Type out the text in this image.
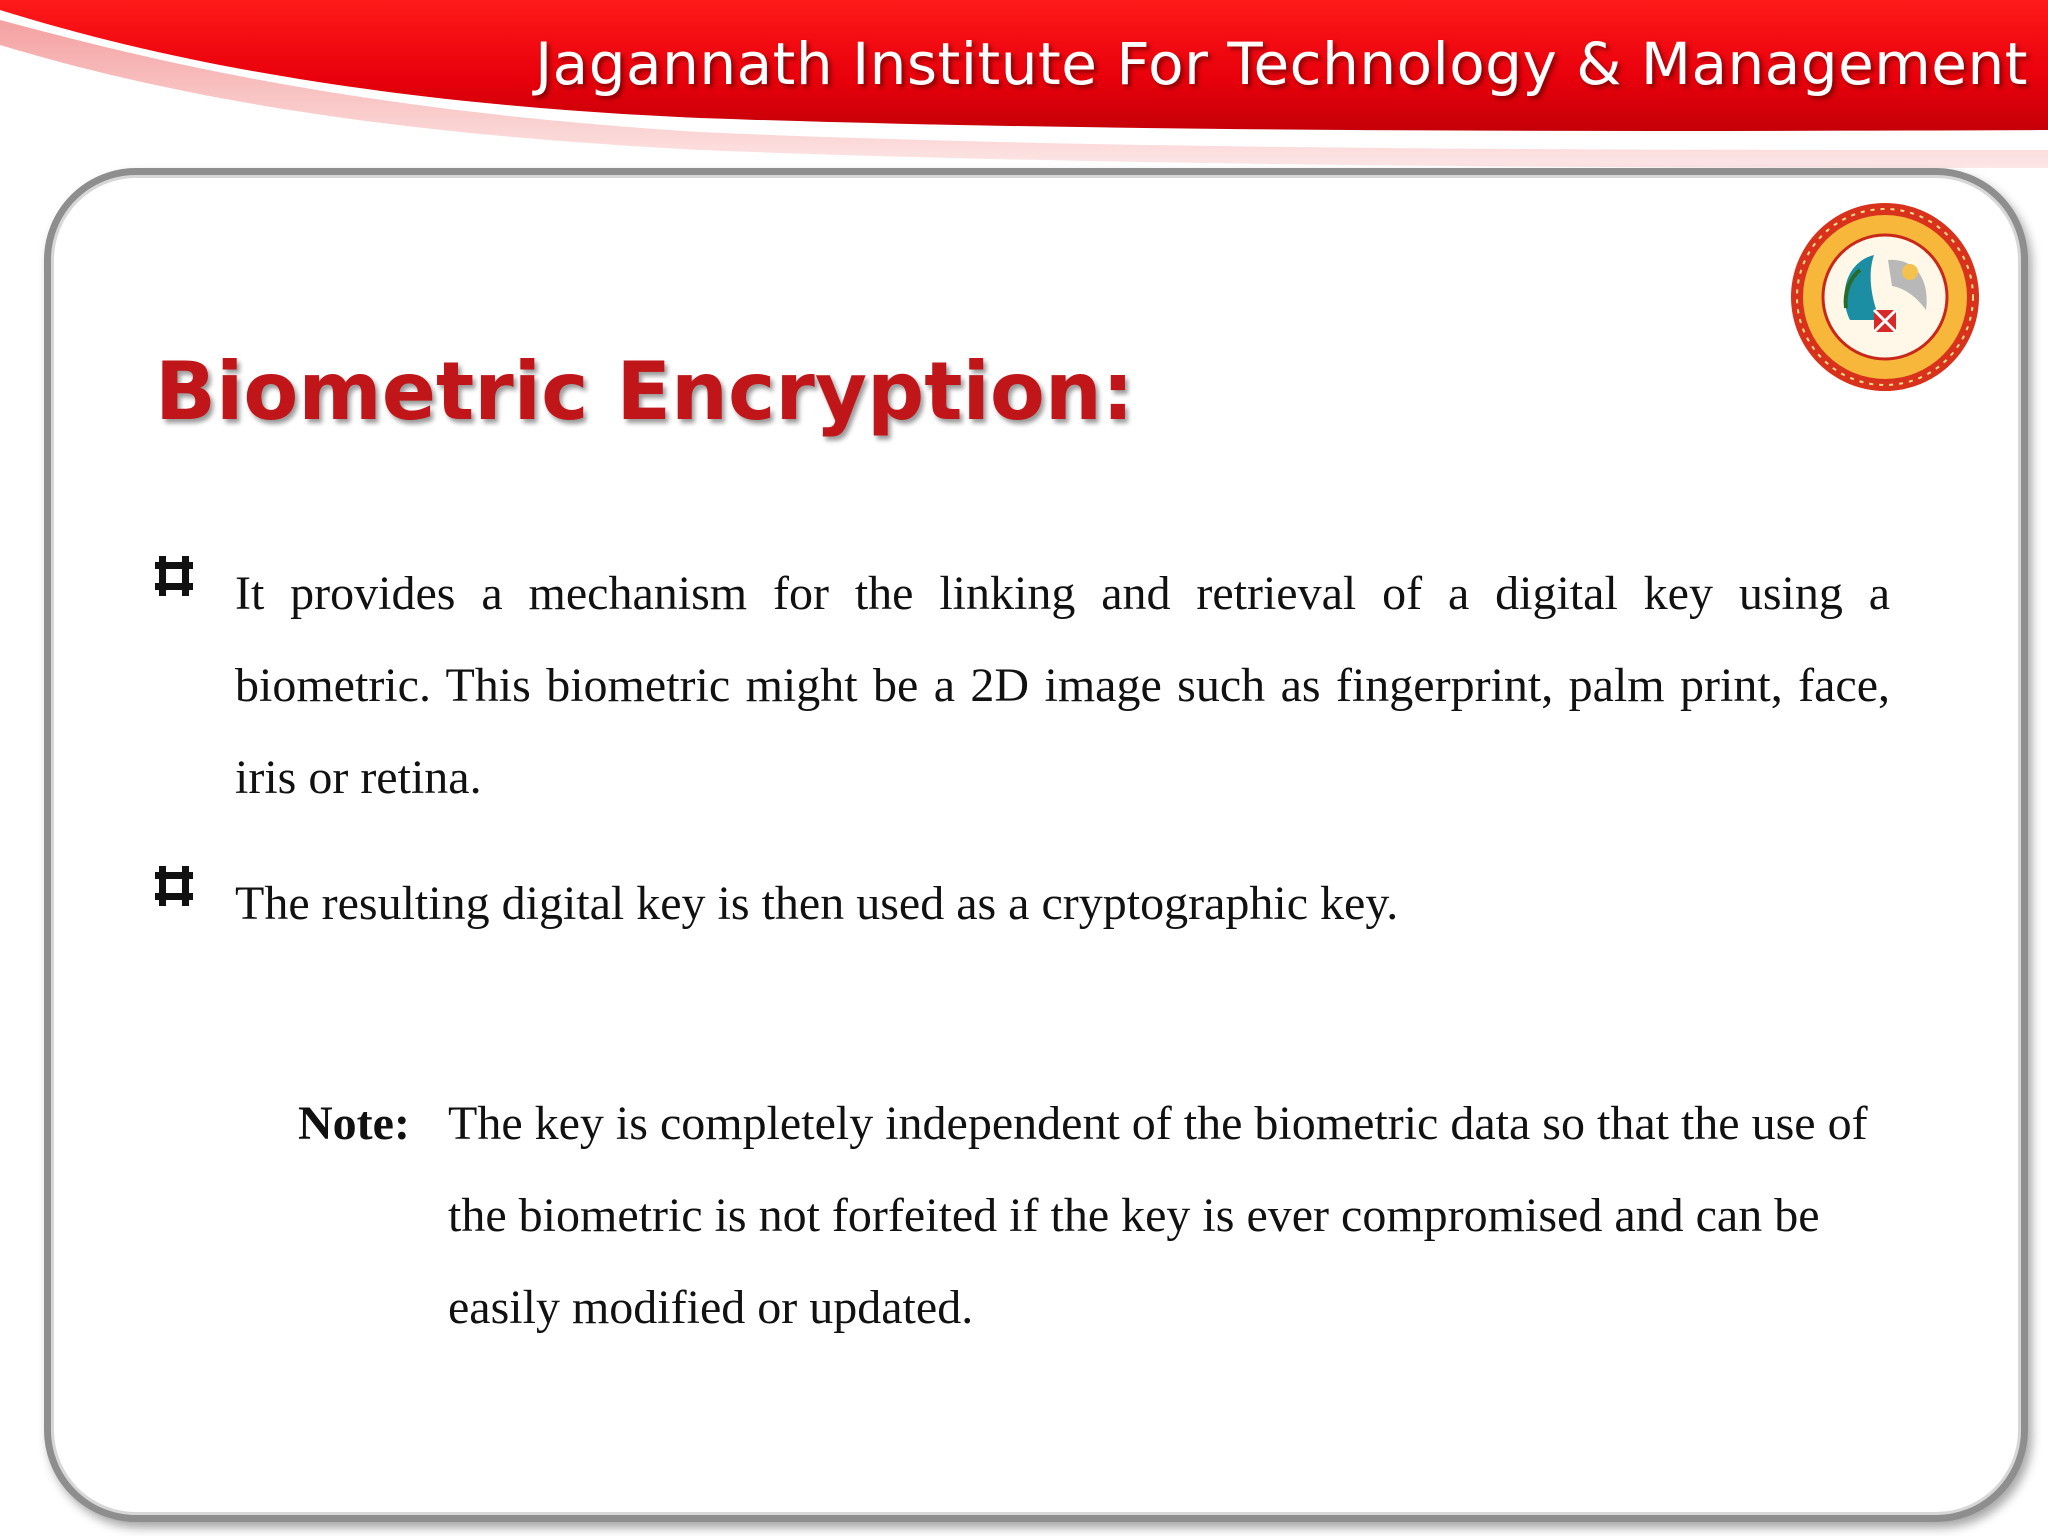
Jagannath Institute For Technology & Management
Biometric Encryption:
It provides a mechanism for the linking and retrieval of a digital key using a biometric. This biometric might be a 2D image such as fingerprint, palm print, face, iris or retina.
The resulting digital key is then used as a cryptographic key.
Note: The key is completely independent of the biometric data so that the use of the biometric is not forfeited if the key is ever compromised and can be easily modified or updated.
